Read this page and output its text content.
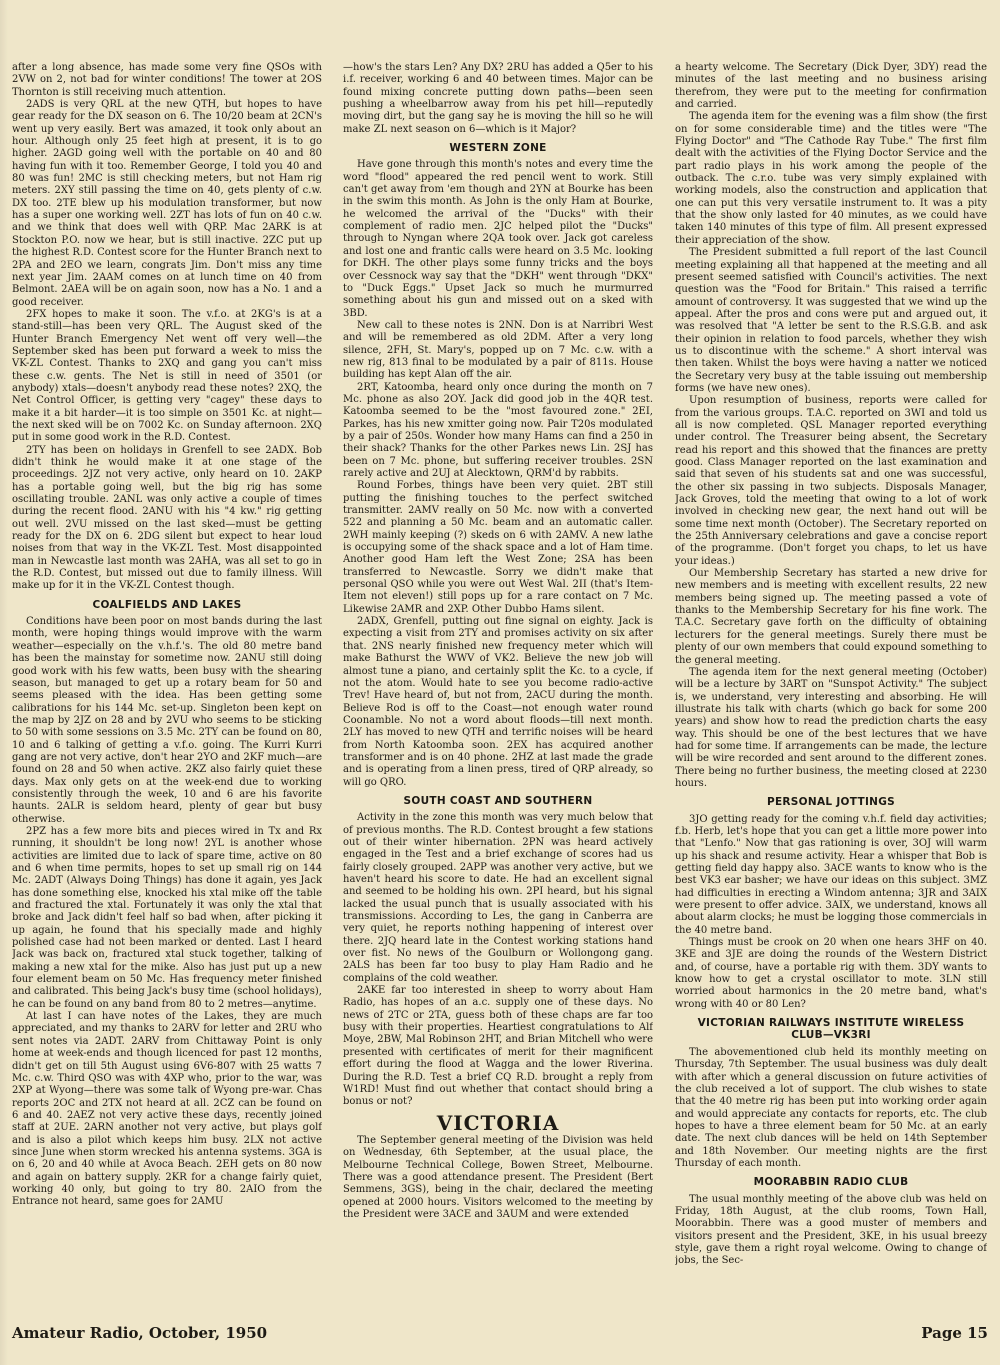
after a long absence, has made some very fine QSOs with 2VW on 2, not bad for winter conditions! The tower at 2OS Thornton is still receiving much attention.

2ADS is very QRL at the new QTH, but hopes to have gear ready for the DX season on 6. The 10/20 beam at 2CN's went up very easily. Bert was amazed, it took only about an hour. Although only 25 feet high at present, it is to go higher. 2AGD going well with the portable on 40 and 80 having fun with it too. Remember George, I told you 40 and 80 was fun! 2MC is still checking meters, but not Ham rig meters. 2XY still passing the time on 40, gets plenty of c.w. DX too. 2TE blew up his modulation transformer, but now has a super one working well. 2ZT has lots of fun on 40 c.w. and we think that does well with QRP. Mac 2ARK is at Stockton P.O. now we hear, but is still inactive. 2ZC put up the highest R.D. Contest score for the Hunter Branch next to 2PA and 2EO we learn, congrats Jim. Don't miss any time next year Jim. 2AAM comes on at lunch time on 40 from Belmont. 2AEA will be on again soon, now has a No. 1 and a good receiver.

2FX hopes to make it soon. The v.f.o. at 2KG's is at a stand-still—has been very QRL. The August sked of the Hunter Branch Emergency Net went off very well—the September sked has been put forward a week to miss the VK-ZL Contest. Thanks to 2XQ and gang you can't miss these c.w. gents. The Net is still in need of 3501 (or anybody) xtals—doesn't anybody read these notes? 2XQ, the Net Control Officer, is getting very "cagey" these days to make it a bit harder—it is too simple on 3501 Kc. at night—the next sked will be on 7002 Kc. on Sunday afternoon. 2XQ put in some good work in the R.D. Contest.

2TY has been on holidays in Grenfell to see 2ADX. Bob didn't think he would make it at one stage of the proceedings. 2JZ not very active, only heard on 10. 2AKP has a portable going well, but the big rig has some oscillating trouble. 2ANL was only active a couple of times during the recent flood. 2ANU with his "4 kw." rig getting out well. 2VU missed on the last sked—must be getting ready for the DX on 6. 2DG silent but expect to hear loud noises from that way in the VK-ZL Test. Most disappointed man in Newcastle last month was 2AHA, was all set to go in the R.D. Contest, but missed out due to family illness. Will make up for it in the VK-ZL Contest though.

COALFIELDS AND LAKES

Conditions have been poor on most bands during the last month, were hoping things would improve with the warm weather—especially on the v.h.f.'s. The old 80 metre band has been the mainstay for sometime now. 2ANU still doing good work with his few watts, been busy with the shearing season, but managed to get up a rotary beam for 50 and seems pleased with the idea. Has been getting some calibrations for his 144 Mc. set-up. Singleton been kept on the map by 2JZ on 28 and by 2VU who seems to be sticking to 50 with some sessions on 3.5 Mc. 2TY can be found on 80, 10 and 6 talking of getting a v.f.o. going. The Kurri Kurri gang are not very active, don't hear 2YO and 2KF much—are found on 28 and 50 when active. 2KZ also fairly quiet these days. Max only gets on at the week-end due to working consistently through the week, 10 and 6 are his favorite haunts. 2ALR is seldom heard, plenty of gear but busy otherwise.

2PZ has a few more bits and pieces wired in Tx and Rx running, it shouldn't be long now! 2YL is another whose activities are limited due to lack of spare time, active on 80 and 6 when time permits, hopes to set up small rig on 144 Mc. 2ADT (Always Doing Things) has done it again, yes Jack has done something else, knocked his xtal mike off the table and fractured the xtal. Fortunately it was only the xtal that broke and Jack didn't feel half so bad when, after picking it up again, he found that his specially made and highly polished case had not been marked or dented. Last I heard Jack was back on, fractured xtal stuck together, talking of making a new xtal for the mike. Also has just put up a new four element beam on 50 Mc. Has frequency meter finished and calibrated. This being Jack's busy time (school holidays), he can be found on any band from 80 to 2 metres—anytime.

At last I can have notes of the Lakes, they are much appreciated, and my thanks to 2ARV for letter and 2RU who sent notes via 2ADT. 2ARV from Chittaway Point is only home at week-ends and though licenced for past 12 months, didn't get on till 5th August using 6V6-807 with 25 watts 7 Mc. c.w. Third QSO was with 4XP who, prior to the war, was 2XP at Wyong—there was some talk of Wyong pre-war. Chas reports 2OC and 2TX not heard at all. 2CZ can be found on 6 and 40. 2AEZ not very active these days, recently joined staff at 2UE. 2ARN another not very active, but plays golf and is also a pilot which keeps him busy. 2LX not active since June when storm wrecked his antenna systems. 3GA is on 6, 20 and 40 while at Avoca Beach. 2EH gets on 80 now and again on battery supply. 2KR for a change fairly quiet, working 40 only, but going to try 80. 2AIO from the Entrance not heard, same goes for 2AMU

—how's the stars Len? Any DX? 2RU has added a Q5er to his i.f. receiver, working 6 and 40 between times. Major can be found mixing concrete putting down paths—been seen pushing a wheelbarrow away from his pet hill—reputedly moving dirt, but the gang say he is moving the hill so he will make ZL next season on 6—which is it Major?

WESTERN ZONE

Have gone through this month's notes and every time the word "flood" appeared the red pencil went to work. Still can't get away from 'em though and 2YN at Bourke has been in the swim this month. As John is the only Ham at Bourke, he welcomed the arrival of the "Ducks" with their complement of radio men. 2JC helped pilot the "Ducks" through to Nyngan where 2QA took over. Jack got careless and lost one and frantic calls were heard on 3.5 Mc. looking for DKH. The other plays some funny tricks and the boys over Cessnock way say that the "DKH" went through "DKX" to "Duck Eggs." Upset Jack so much he murmurred something about his gun and missed out on a sked with 3BD.

New call to these notes is 2NN. Don is at Narribri West and will be remembered as old 2DM. After a very long silence, 2FH, St. Mary's, popped up on 7 Mc. c.w. with a new rig, 813 final to be modulated by a pair of 811s. House building has kept Alan off the air.

2RT, Katoomba, heard only once during the month on 7 Mc. phone as also 2OY. Jack did good job in the 4QR test. Katoomba seemed to be the "most favoured zone." 2EI, Parkes, has his new xmitter going now. Pair T20s modulated by a pair of 250s. Wonder how many Hams can find a 250 in their shack? Thanks for the other Parkes news Lin. 2SJ has been on 7 Mc. phone, but suffering receiver troubles. 2SN rarely active and 2UJ at Alecktown, QRM'd by rabbits.

Round Forbes, things have been very quiet. 2BT still putting the finishing touches to the perfect switched transmitter. 2AMV really on 50 Mc. now with a converted 522 and planning a 50 Mc. beam and an automatic caller. 2WH mainly keeping (?) skeds on 6 with 2AMV. A new lathe is occupying some of the shack space and a lot of Ham time. Another good Ham left the West Zone; 2SA has been transferred to Newcastle. Sorry we didn't make that personal QSO while you were out West Wal. 2II (that's Item-Item not eleven!) still pops up for a rare contact on 7 Mc. Likewise 2AMR and 2XP. Other Dubbo Hams silent.

2ADX, Grenfell, putting out fine signal on eighty. Jack is expecting a visit from 2TY and promises activity on six after that. 2NS nearly finished new frequency meter which will make Bathurst the WWV of VK2. Believe the new job will almost tune a piano, and certainly split the Kc. to a cycle, if not the atom. Would hate to see you become radio-active Trev! Have heard of, but not from, 2ACU during the month. Believe Rod is off to the Coast—not enough water round Coonamble. No not a word about floods—till next month. 2LY has moved to new QTH and terrific noises will be heard from North Katoomba soon. 2EX has acquired another transformer and is on 40 phone. 2HZ at last made the grade and is operating from a linen press, tired of QRP already, so will go QRO.

SOUTH COAST AND SOUTHERN

Activity in the zone this month was very much below that of previous months. The R.D. Contest brought a few stations out of their winter hibernation. 2PN was heard actively engaged in the Test and a brief exchange of scores had us fairly closely grouped. 2APP was another very active, but we haven't heard his score to date. He had an excellent signal and seemed to be holding his own. 2PI heard, but his signal lacked the usual punch that is usually associated with his transmissions. According to Les, the gang in Canberra are very quiet, he reports nothing happening of interest over there. 2JQ heard late in the Contest working stations hand over fist. No news of the Goulburn or Wollongong gang. 2ALS has been far too busy to play Ham Radio and he complains of the cold weather.

2AKE far too interested in sheep to worry about Ham Radio, has hopes of an a.c. supply one of these days. No news of 2TC or 2TA, guess both of these chaps are far too busy with their properties. Heartiest congratulations to Alf Moye, 2BW, Mal Robinson 2HT, and Brian Mitchell who were presented with certificates of merit for their magnificent effort during the flood at Wagga and the lower Riverina. During the R.D. Test a brief CQ R.D. brought a reply from W1RD! Must find out whether that contact should bring a bonus or not?

VICTORIA

The September general meeting of the Division was held on Wednesday, 6th September, at the usual place, the Melbourne Technical College, Bowen Street, Melbourne. There was a good attendance present. The President (Bert Semmens, 3GS), being in the chair, declared the meeting opened at 2000 hours. Visitors welcomed to the meeting by the President were 3ACE and 3AUM and were extended

a hearty welcome. The Secretary (Dick Dyer, 3DY) read the minutes of the last meeting and no business arising therefrom, they were put to the meeting for confirmation and carried.

The agenda item for the evening was a film show (the first on for some considerable time) and the titles were "The Flying Doctor" and "The Cathode Ray Tube." The first film dealt with the activities of the Flying Doctor Service and the part radio plays in his work among the people of the outback. The c.r.o. tube was very simply explained with working models, also the construction and application that one can put this very versatile instrument to. It was a pity that the show only lasted for 40 minutes, as we could have taken 140 minutes of this type of film. All present expressed their appreciation of the show.

The President submitted a full report of the last Council meeting explaining all that happened at the meeting and all present seemed satisfied with Council's activities. The next question was the "Food for Britain." This raised a terrific amount of controversy. It was suggested that we wind up the appeal. After the pros and cons were put and argued out, it was resolved that "A letter be sent to the R.S.G.B. and ask their opinion in relation to food parcels, whether they wish us to discontinue with the scheme." A short interval was then taken. Whilst the boys were having a natter we noticed the Secretary very busy at the table issuing out membership forms (we have new ones).

Upon resumption of business, reports were called for from the various groups. T.A.C. reported on 3WI and told us all is now completed. QSL Manager reported everything under control. The Treasurer being absent, the Secretary read his report and this showed that the finances are pretty good. Class Manager reported on the last examination and said that seven of his students sat and one was successful, the other six passing in two subjects. Disposals Manager, Jack Groves, told the meeting that owing to a lot of work involved in checking new gear, the next hand out will be some time next month (October). The Secretary reported on the 25th Anniversary celebrations and gave a concise report of the programme. (Don't forget you chaps, to let us have your ideas.)

Our Membership Secretary has started a new drive for new members and is meeting with excellent results, 22 new members being signed up. The meeting passed a vote of thanks to the Membership Secretary for his fine work. The T.A.C. Secretary gave forth on the difficulty of obtaining lecturers for the general meetings. Surely there must be plenty of our own members that could expound something to the general meeting.

The agenda item for the next general meeting (October) will be a lecture by 3ART on "Sunspot Activity." The subject is, we understand, very interesting and absorbing. He will illustrate his talk with charts (which go back for some 200 years) and show how to read the prediction charts the easy way. This should be one of the best lectures that we have had for some time. If arrangements can be made, the lecture will be wire recorded and sent around to the different zones. There being no further business, the meeting closed at 2230 hours.

PERSONAL JOTTINGS

3JO getting ready for the coming v.h.f. field day activities; f.b. Herb, let's hope that you can get a little more power into that "Lenfo." Now that gas rationing is over, 3OJ will warm up his shack and resume activity. Hear a whisper that Bob is getting field day happy also. 3ACE wants to know who is the best VK3 ear basher; we have our ideas on this subject. 3MZ had difficulties in erecting a Windom antenna; 3JR and 3AIX were present to offer advice. 3AIX, we understand, knows all about alarm clocks; he must be logging those commercials in the 40 metre band.

Things must be crook on 20 when one hears 3HF on 40. 3KE and 3JE are doing the rounds of the Western District and, of course, have a portable rig with them. 3DY wants to know how to get a crystal oscillator to mote. 3LN still worried about harmonics in the 20 metre band, what's wrong with 40 or 80 Len?

VICTORIAN RAILWAYS INSTITUTE WIRELESS
CLUB—VK3RI

The abovementioned club held its monthly meeting on Thursday, 7th September. The usual business was duly dealt with after which a general discussion on future activities of the club received a lot of support. The club wishes to state that the 40 metre rig has been put into working order again and would appreciate any contacts for reports, etc. The club hopes to have a three element beam for 50 Mc. at an early date. The next club dances will be held on 14th September and 18th November. Our meeting nights are the first Thursday of each month.

MOORABBIN RADIO CLUB

The usual monthly meeting of the above club was held on Friday, 18th August, at the club rooms, Town Hall, Moorabbin. There was a good muster of members and visitors present and the President, 3KE, in his usual breezy style, gave them a right royal welcome. Owing to change of jobs, the Sec-

Amateur Radio, October, 1950	Page 15
